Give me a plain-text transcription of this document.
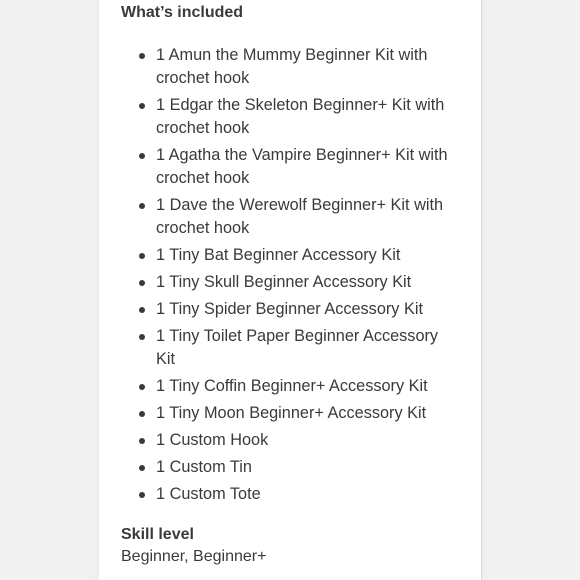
What’s included
1 Amun the Mummy Beginner Kit with crochet hook
1 Edgar the Skeleton Beginner+ Kit with crochet hook
1 Agatha the Vampire Beginner+ Kit with crochet hook
1 Dave the Werewolf Beginner+ Kit with crochet hook
1 Tiny Bat Beginner Accessory Kit
1 Tiny Skull Beginner Accessory Kit
1 Tiny Spider Beginner Accessory Kit
1 Tiny Toilet Paper Beginner Accessory Kit
1 Tiny Coffin Beginner+ Accessory Kit
1 Tiny Moon Beginner+ Accessory Kit
1 Custom Hook
1 Custom Tin
1 Custom Tote
Skill level

Beginner, Beginner+
